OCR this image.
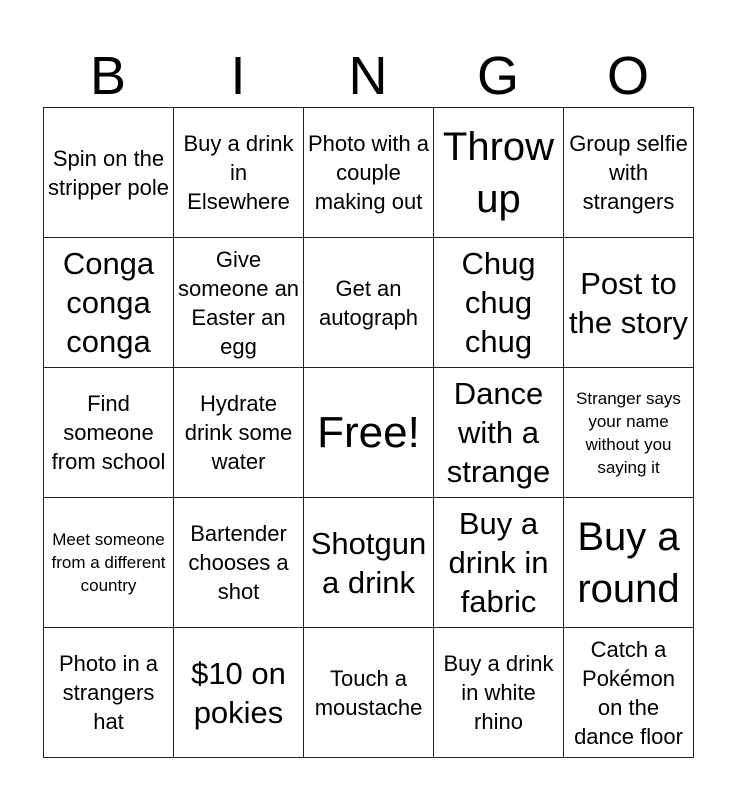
B	I	N	G	O
Spin on the stripper pole	Buy a drink in Elsewhere	Photo with a couple making out	Throw up	Group selfie with strangers
Conga conga conga	Give someone an Easter an egg	Get an autograph	Chug chug chug	Post to the story
Find someone from school	Hydrate drink some water	Free!	Dance with a strange	Stranger says your name without you saying it
Meet someone from a different country	Bartender chooses a shot	Shotgun a drink	Buy a drink in fabric	Buy a round
Photo in a strangers hat	$10 on pokies	Touch a moustache	Buy a drink in white rhino	Catch a Pokémon on the dance floor
